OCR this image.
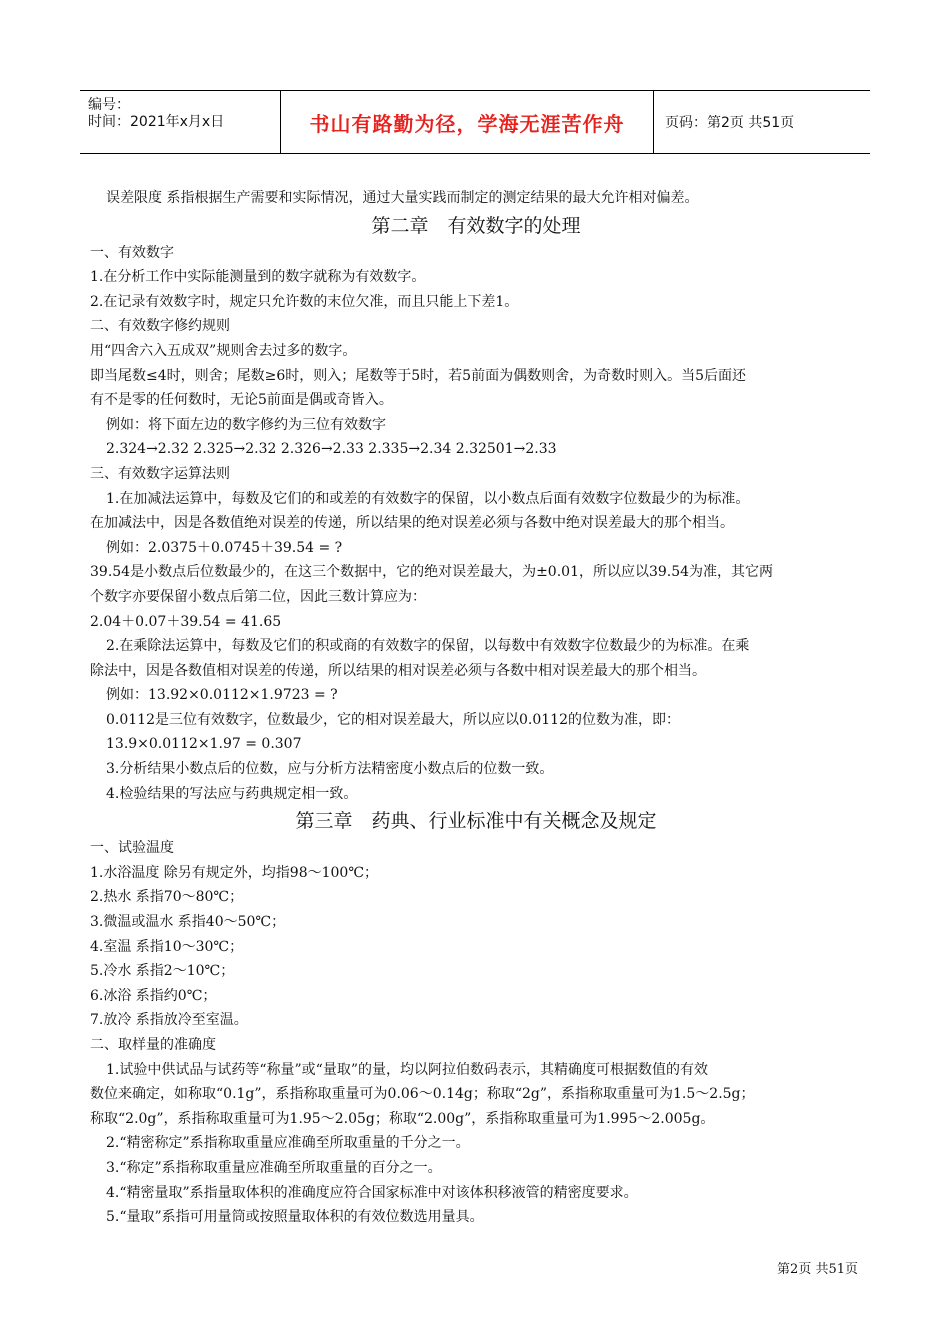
编号：
时间：2021年x月x日	书山有路勤为径，学海无涯苦作舟	页码：第2页 共51页
误差限度 系指根据生产需要和实际情况，通过大量实践而制定的测定结果的最大允许相对偏差。
第二章　有效数字的处理
一、有效数字
1.在分析工作中实际能测量到的数字就称为有效数字。
2.在记录有效数字时，规定只允许数的末位欠准，而且只能上下差1。
二、有效数字修约规则
用“四舍六入五成双”规则舍去过多的数字。
即当尾数≤4时，则舍；尾数≥6时，则入；尾数等于5时，若5前面为偶数则舍，为奇数时则入。当5后面还
有不是零的任何数时，无论5前面是偶或奇皆入。
例如：将下面左边的数字修约为三位有效数字
2.324→2.32 2.325→2.32 2.326→2.33 2.335→2.34 2.32501→2.33
三、有效数字运算法则
1.在加减法运算中，每数及它们的和或差的有效数字的保留，以小数点后面有效数字位数最少的为标准。
在加减法中，因是各数值绝对误差的传递，所以结果的绝对误差必须与各数中绝对误差最大的那个相当。
例如：2.0375＋0.0745＋39.54 = ?
39.54是小数点后位数最少的，在这三个数据中，它的绝对误差最大，为±0.01，所以应以39.54为准，其它两
个数字亦要保留小数点后第二位，因此三数计算应为：
2.04＋0.07＋39.54 = 41.65
2.在乘除法运算中，每数及它们的积或商的有效数字的保留，以每数中有效数字位数最少的为标准。在乘
除法中，因是各数值相对误差的传递，所以结果的相对误差必须与各数中相对误差最大的那个相当。
例如：13.92×0.0112×1.9723 = ?
0.0112是三位有效数字，位数最少，它的相对误差最大，所以应以0.0112的位数为准，即：
13.9×0.0112×1.97 = 0.307
3.分析结果小数点后的位数，应与分析方法精密度小数点后的位数一致。
4.检验结果的写法应与药典规定相一致。
第三章　药典、行业标准中有关概念及规定
一、试验温度
1.水浴温度 除另有规定外，均指98～100℃；
2.热水 系指70～80℃；
3.微温或温水 系指40～50℃；
4.室温 系指10～30℃；
5.冷水 系指2～10℃；
6.冰浴 系指约0℃；
7.放冷 系指放冷至室温。
二、取样量的准确度
1.试验中供试品与试药等“称量”或“量取”的量，均以阿拉伯数码表示，其精确度可根据数值的有效
数位来确定，如称取“0.1g”，系指称取重量可为0.06～0.14g；称取“2g”，系指称取重量可为1.5～2.5g；
称取“2.0g”，系指称取重量可为1.95～2.05g；称取“2.00g”，系指称取重量可为1.995～2.005g。
2.“精密称定”系指称取重量应准确至所取重量的千分之一。
3.“称定”系指称取重量应准确至所取重量的百分之一。
4.“精密量取”系指量取体积的准确度应符合国家标准中对该体积移液管的精密度要求。
5.“量取”系指可用量筒或按照量取体积的有效位数选用量具。
第2页 共51页
